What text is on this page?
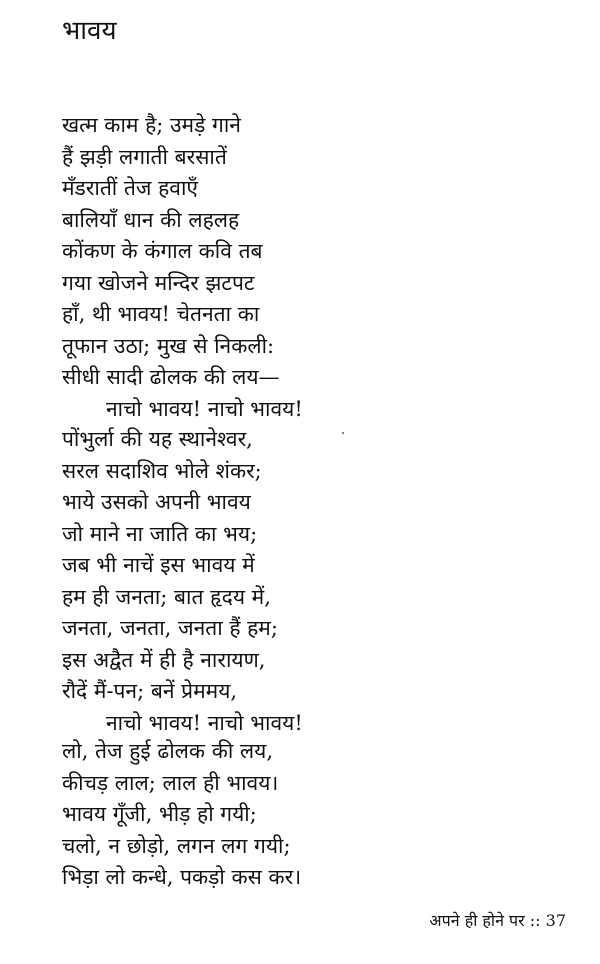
भावय
खत्म काम है; उमड़े गाने
हैं झड़ी लगाती बरसातें
मँडरातीं तेज हवाएँ
बालियाँ धान की लहलह
कोंकण के कंगाल कवि तब
गया खोजने मन्दिर झटपट
हाँ, थी भावय! चेतनता का
तूफान उठा; मुख से निकली:
सीधी सादी ढोलक की लय—
नाचो भावय! नाचो भावय!
पोंभुर्ला की यह स्थानेश्वर,
सरल सदाशिव भोले शंकर;
भाये उसको अपनी भावय
जो माने ना जाति का भय;
जब भी नाचें इस भावय में
हम ही जनता; बात हृदय में,
जनता, जनता, जनता हैं हम;
इस अद्वैत में ही है नारायण,
रौदें मैं-पन; बनें प्रेममय,
नाचो भावय! नाचो भावय!
लो, तेज हुई ढोलक की लय,
कीचड़ लाल; लाल ही भावय।
भावय गूँजी, भीड़ हो गयी;
चलो, न छोड़ो, लगन लग गयी;
भिड़ा लो कन्धे, पकड़ो कस कर।
अपने ही होने पर :: 37
